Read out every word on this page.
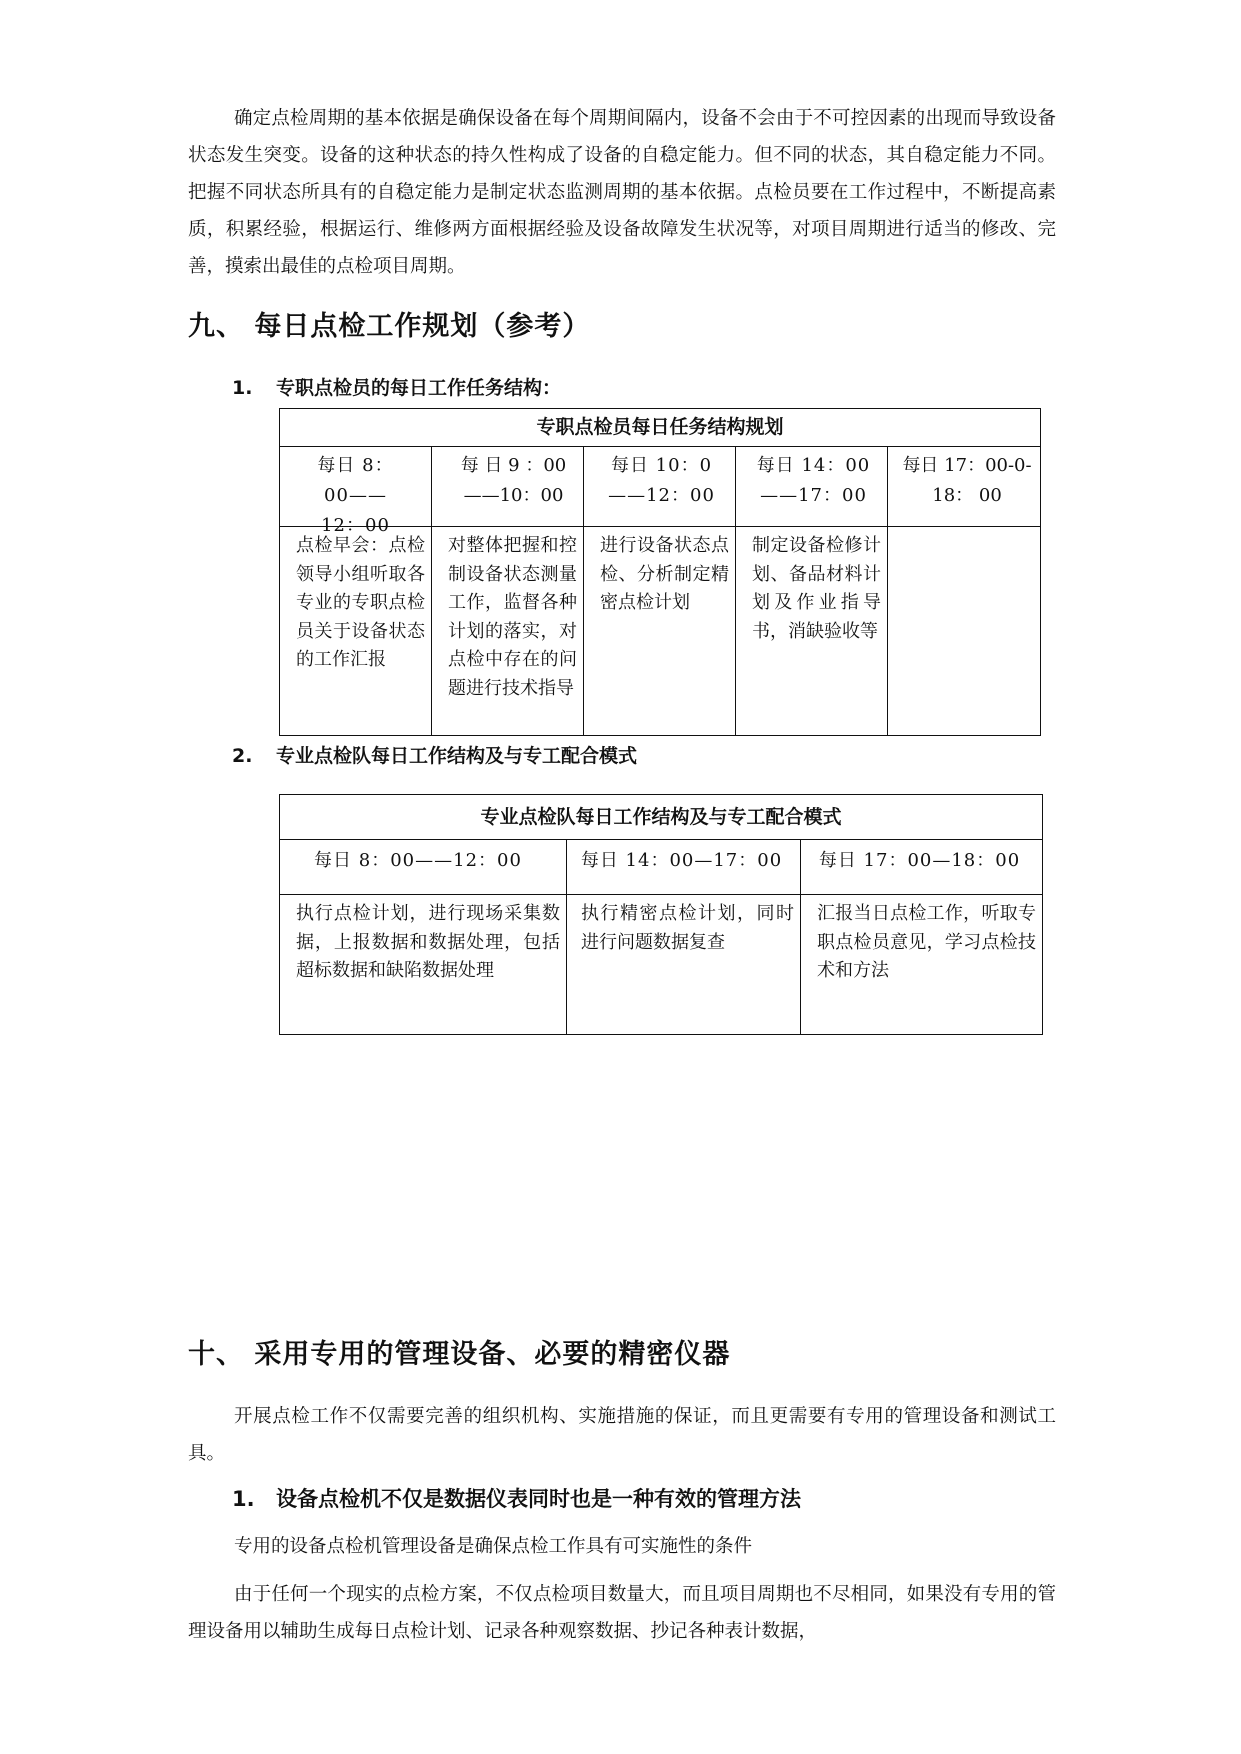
确定点检周期的基本依据是确保设备在每个周期间隔内，设备不会由于不可控因素的出现而导致设备状态发生突变。设备的这种状态的持久性构成了设备的自稳定能力。但不同的状态，其自稳定能力不同。把握不同状态所具有的自稳定能力是制定状态监测周期的基本依据。点检员要在工作过程中，不断提高素质，积累经验，根据运行、维修两方面根据经验及设备故障发生状况等，对项目周期进行适当的修改、完善，摸索出最佳的点检项目周期。
九、 每日点检工作规划（参考）
1. 专职点检员的每日工作任务结构：
专职点检员每日任务结构规划				

每日 8：00——12：00	每 日 9 ：00——10：00	每日 10：0——12：00	每日 14：00——17：00	每日 17：00-0-18： 00

点检早会：点检领导小组听取各专业的专职点检员关于设备状态的工作汇报	对整体把握和控制设备状态测量工作，监督各种计划的落实，对点检中存在的问题进行技术指导	进行设备状态点检、分析制定精密点检计划	制定设备检修计划、备品材料计划及作业指导书，消缺验收等	

2. 专业点检队每日工作结构及与专工配合模式
专业点检队每日工作结构及与专工配合模式		

每日 8：00——12：00	每日 14：00—17：00	每日 17：00—18：00

执行点检计划，进行现场采集数据，上报数据和数据处理，包括超标数据和缺陷数据处理	执行精密点检计划，同时进行问题数据复查	汇报当日点检工作，听取专职点检员意见，学习点检技术和方法
十、 采用专用的管理设备、必要的精密仪器
开展点检工作不仅需要完善的组织机构、实施措施的保证，而且更需要有专用的管理设备和测试工具。
1. 设备点检机不仅是数据仪表同时也是一种有效的管理方法
专用的设备点检机管理设备是确保点检工作具有可实施性的条件
由于任何一个现实的点检方案，不仅点检项目数量大，而且项目周期也不尽相同，如果没有专用的管理设备用以辅助生成每日点检计划、记录各种观察数据、抄记各种表计数据，
